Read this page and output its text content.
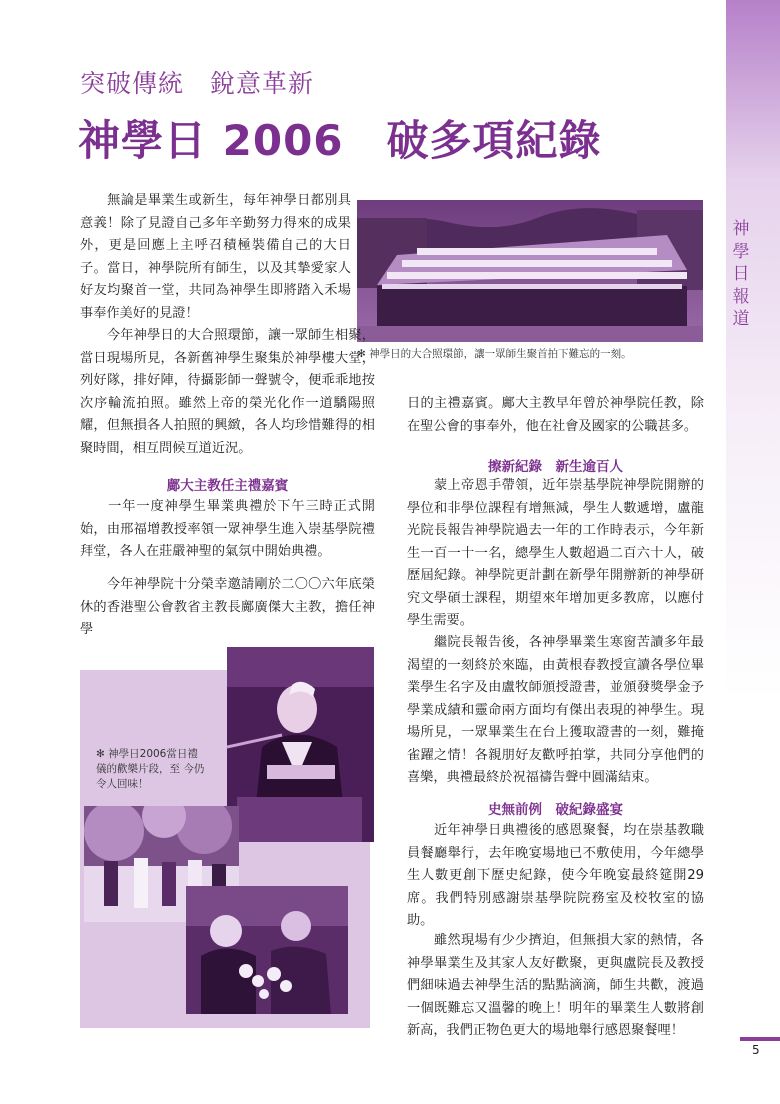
神學日報道
5
突破傳統　銳意革新
神學日 2006　破多項紀錄
✻ 神學日的大合照環節，讓一眾師生聚首拍下難忘的一刻。

　　無論是畢業生或新生，每年神學日都別具意義！除了見證自己多年辛勤努力得來的成果外，更是回應上主呼召積極裝備自己的大日子。當日，神學院所有師生，以及其摯愛家人好友均聚首一堂，共同為神學生即將踏入禾場事奉作美好的見證！

　　今年神學日的大合照環節，讓一眾師生相聚，當日現場所見，各新舊神學生聚集於神學樓大堂，列好隊，排好陣，待攝影師一聲號令，便乖乖地按次序輪流拍照。雖然上帝的榮光化作一道驕陽照耀，但無損各人拍照的興緻，各人均珍惜難得的相聚時間，相互問候互道近況。

鄺大主教任主禮嘉賓

　　一年一度神學生畢業典禮於下午三時正式開始，由邢福增教授率領一眾神學生進入崇基學院禮拜堂，各人在莊嚴神聖的氣氛中開始典禮。

　　今年神學院十分榮幸邀請剛於二〇〇六年底榮休的香港聖公會教省主教長鄺廣傑大主教，擔任神學

✻ 神學日2006當日禮 儀的歡樂片段，至 今仍令人回味！

日的主禮嘉賓。鄺大主教早年曾於神學院任教，除在聖公會的事奉外，他在社會及國家的公職甚多。

擦新紀錄　新生逾百人

　　蒙上帝恩手帶領，近年崇基學院神學院開辦的學位和非學位課程有增無減，學生人數遞增，盧龍光院長報告神學院過去一年的工作時表示，今年新生一百一十一名，總學生人數超過二百六十人，破歷屆紀錄。神學院更計劃在新學年開辦新的神學研究文學碩士課程，期望來年增加更多教席，以應付學生需要。

　　繼院長報告後，各神學畢業生寒窗苦讀多年最渴望的一刻終於來臨，由黃根春教授宣讀各學位畢業學生名字及由盧牧師頒授證書，並頒發獎學金予學業成績和靈命兩方面均有傑出表現的神學生。現場所見，一眾畢業生在台上獲取證書的一刻，難掩雀躍之情！各親朋好友歡呼拍掌，共同分享他們的喜樂，典禮最終於祝福禱告聲中圓滿結束。

史無前例　破紀錄盛宴

　　近年神學日典禮後的感恩聚餐，均在崇基教職員餐廳舉行，去年晚宴場地已不敷使用，今年總學生人數更創下歷史紀錄，使今年晚宴最終筵開29席。我們特別感謝崇基學院院務室及校牧室的協助。

　　雖然現場有少少擠迫，但無損大家的熱情，各神學畢業生及其家人友好歡聚，更與盧院長及教授們細味過去神學生活的點點滴滴，師生共歡，渡過一個既難忘又溫馨的晚上！明年的畢業生人數將創新高，我們正物色更大的場地舉行感恩聚餐哩！
